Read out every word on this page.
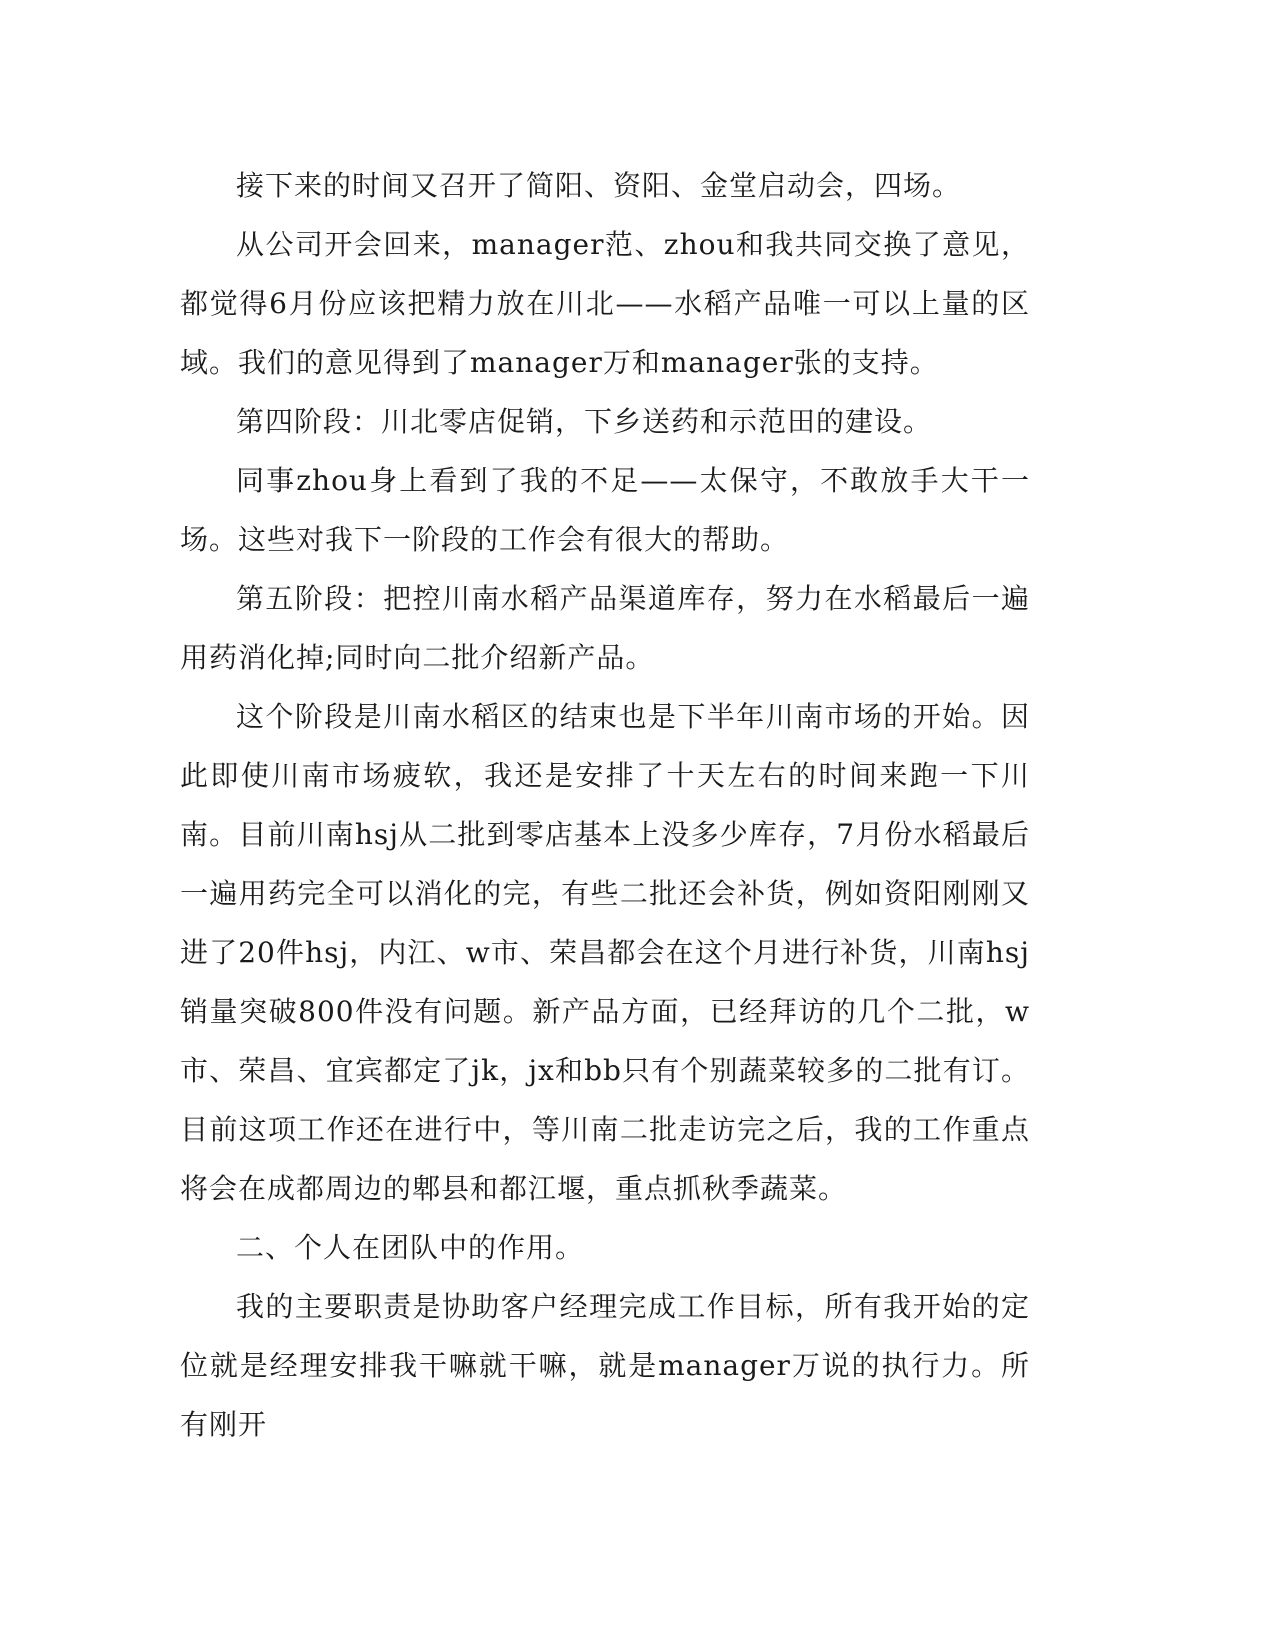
接下来的时间又召开了简阳、资阳、金堂启动会，四场。

从公司开会回来，manager范、zhou和我共同交换了意见，都觉得6月份应该把精力放在川北——水稻产品唯一可以上量的区域。我们的意见得到了manager万和manager张的支持。

第四阶段：川北零店促销，下乡送药和示范田的建设。

同事zhou身上看到了我的不足——太保守，不敢放手大干一场。这些对我下一阶段的工作会有很大的帮助。

第五阶段：把控川南水稻产品渠道库存，努力在水稻最后一遍用药消化掉;同时向二批介绍新产品。

这个阶段是川南水稻区的结束也是下半年川南市场的开始。因此即使川南市场疲软，我还是安排了十天左右的时间来跑一下川南。目前川南hsj从二批到零店基本上没多少库存，7月份水稻最后一遍用药完全可以消化的完，有些二批还会补货，例如资阳刚刚又进了20件hsj，内江、w市、荣昌都会在这个月进行补货，川南hsj销量突破800件没有问题。新产品方面，已经拜访的几个二批，w市、荣昌、宜宾都定了jk，jx和bb只有个别蔬菜较多的二批有订。目前这项工作还在进行中，等川南二批走访完之后，我的工作重点将会在成都周边的郫县和都江堰，重点抓秋季蔬菜。

二、个人在团队中的作用。

我的主要职责是协助客户经理完成工作目标，所有我开始的定位就是经理安排我干嘛就干嘛，就是manager万说的执行力。所有刚开
